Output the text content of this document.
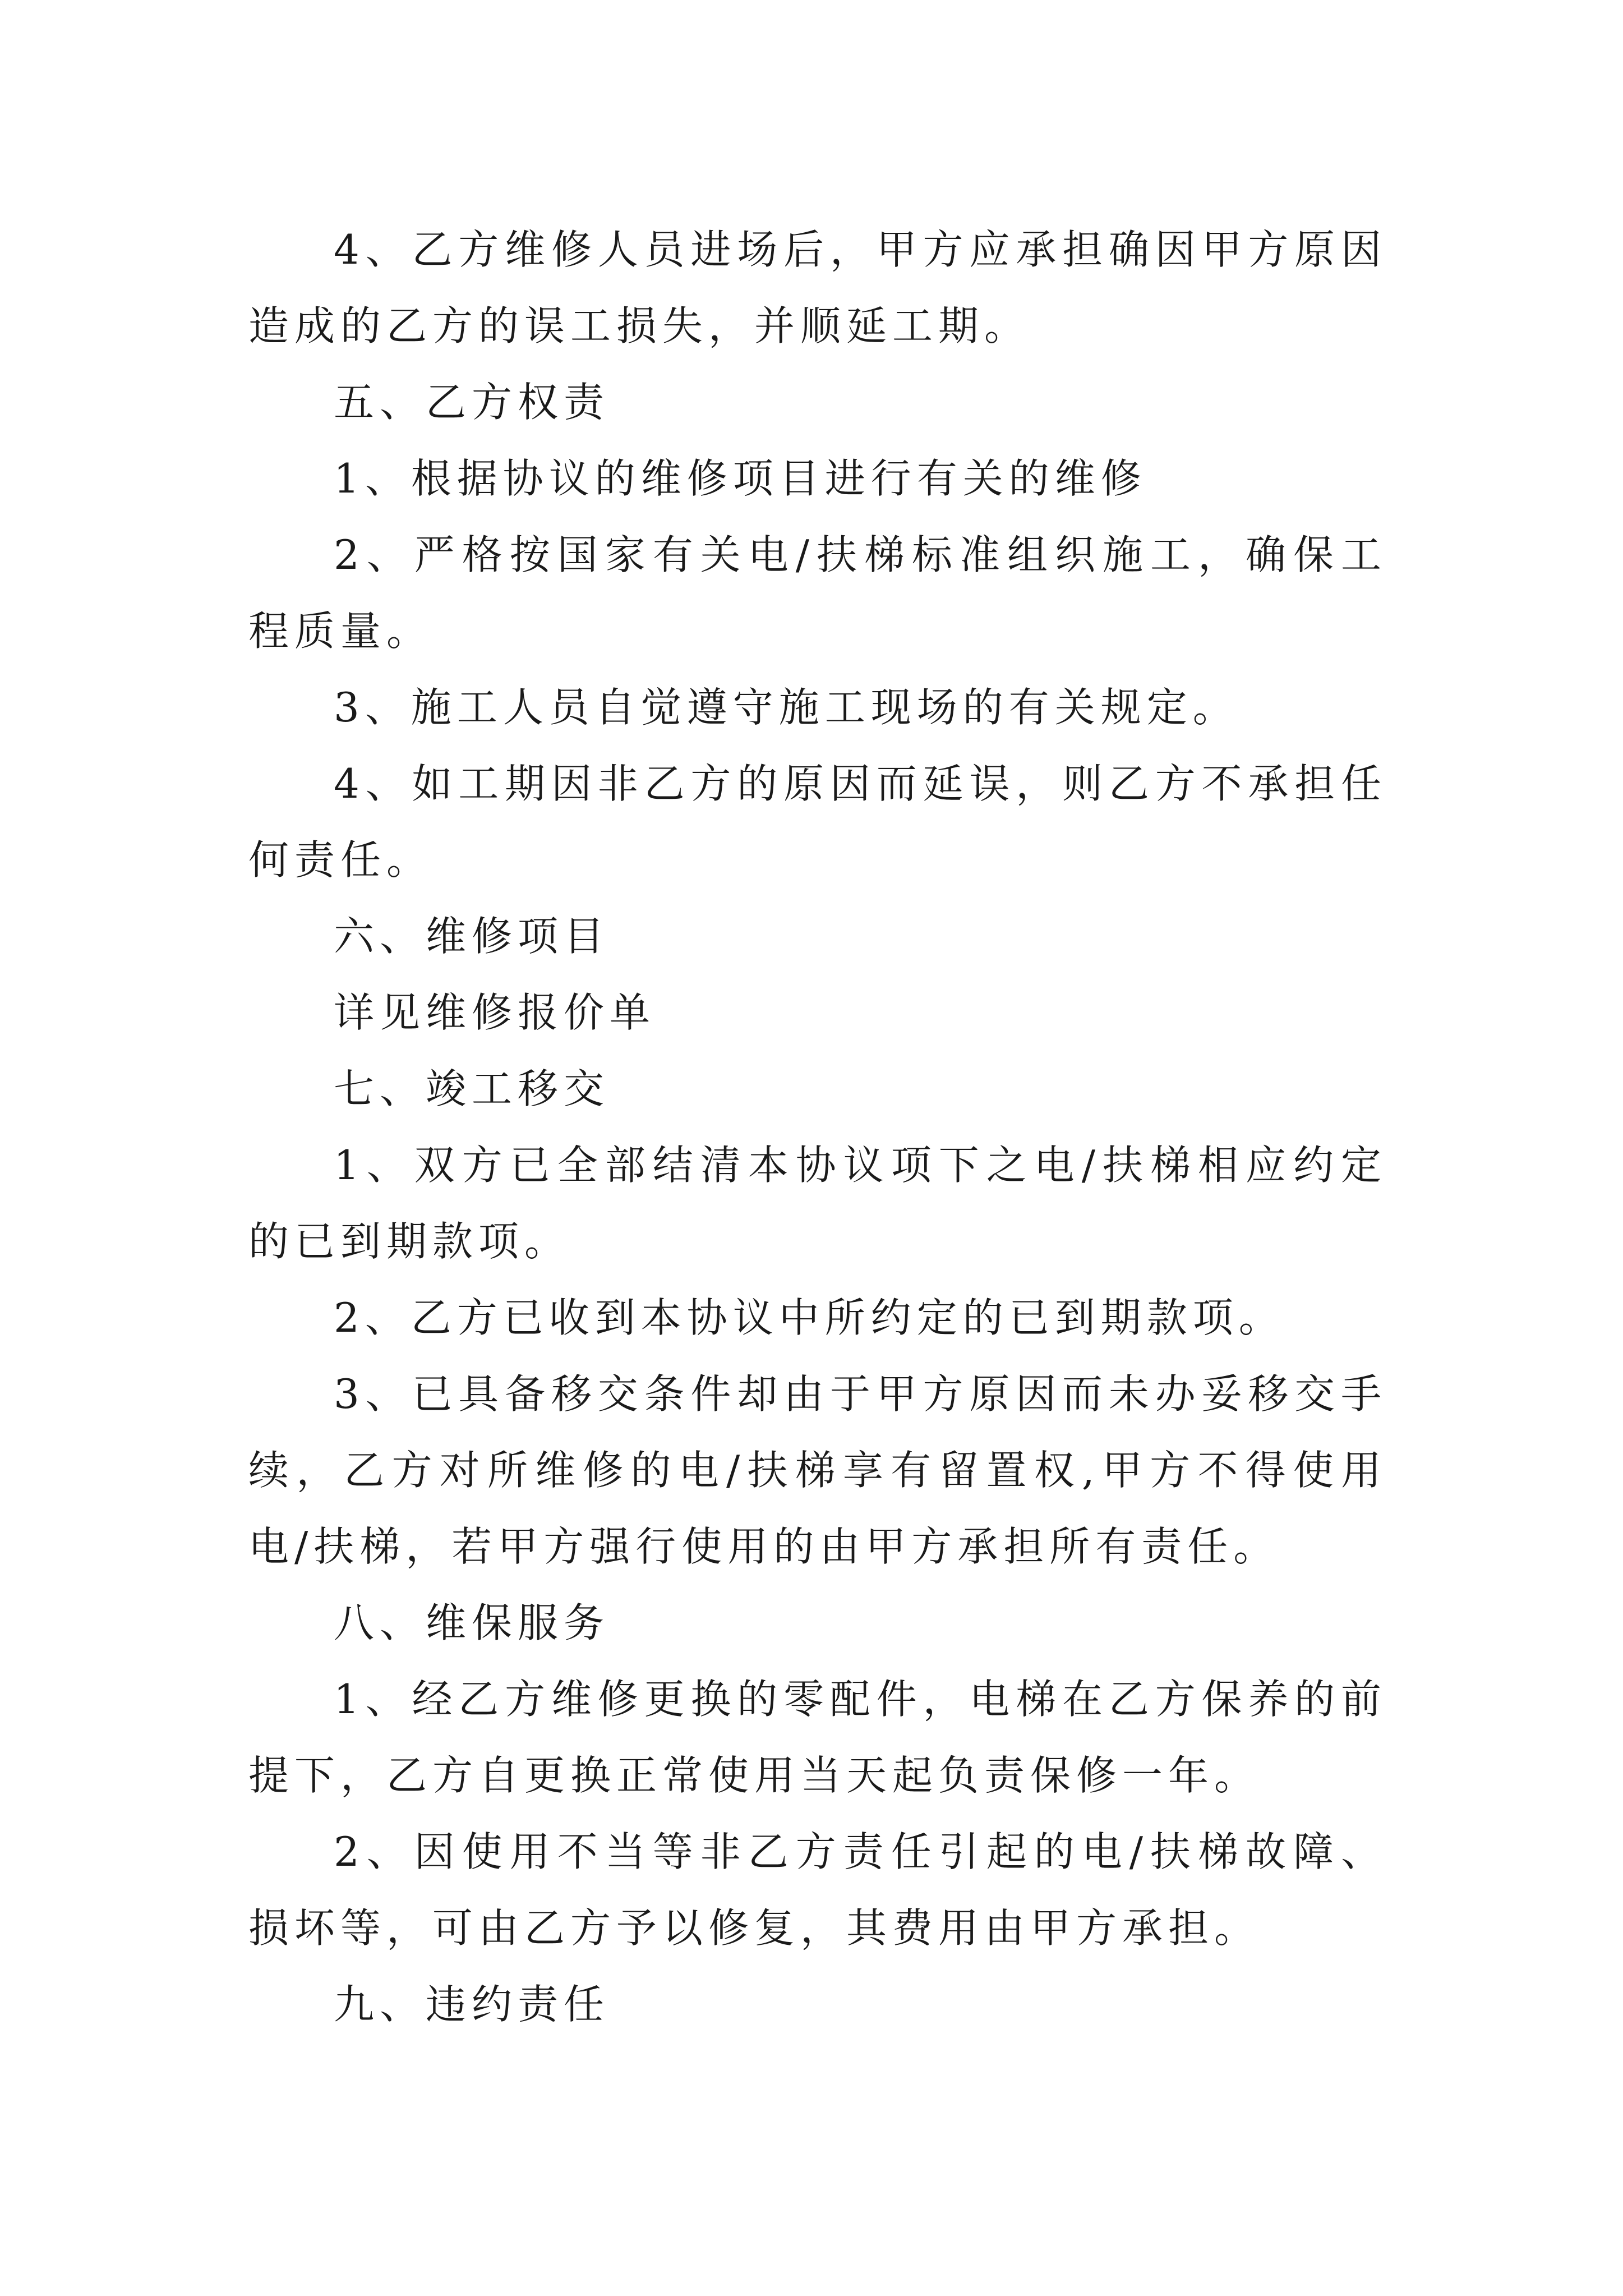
4、乙方维修人员进场后，甲方应承担确因甲方原因造成的乙方的误工损失，并顺延工期。

五、乙方权责

1、根据协议的维修项目进行有关的维修

2、严格按国家有关电/扶梯标准组织施工，确保工程质量。

3、施工人员自觉遵守施工现场的有关规定。

4、如工期因非乙方的原因而延误，则乙方不承担任何责任。

六、维修项目

详见维修报价单

七、竣工移交

1、双方已全部结清本协议项下之电/扶梯相应约定的已到期款项。

2、乙方已收到本协议中所约定的已到期款项。

3、已具备移交条件却由于甲方原因而未办妥移交手续，乙方对所维修的电/扶梯享有留置权,甲方不得使用电/扶梯，若甲方强行使用的由甲方承担所有责任。

八、维保服务

1、经乙方维修更换的零配件，电梯在乙方保养的前提下，乙方自更换正常使用当天起负责保修一年。

2、因使用不当等非乙方责任引起的电/扶梯故障、损坏等，可由乙方予以修复，其费用由甲方承担。

九、违约责任
